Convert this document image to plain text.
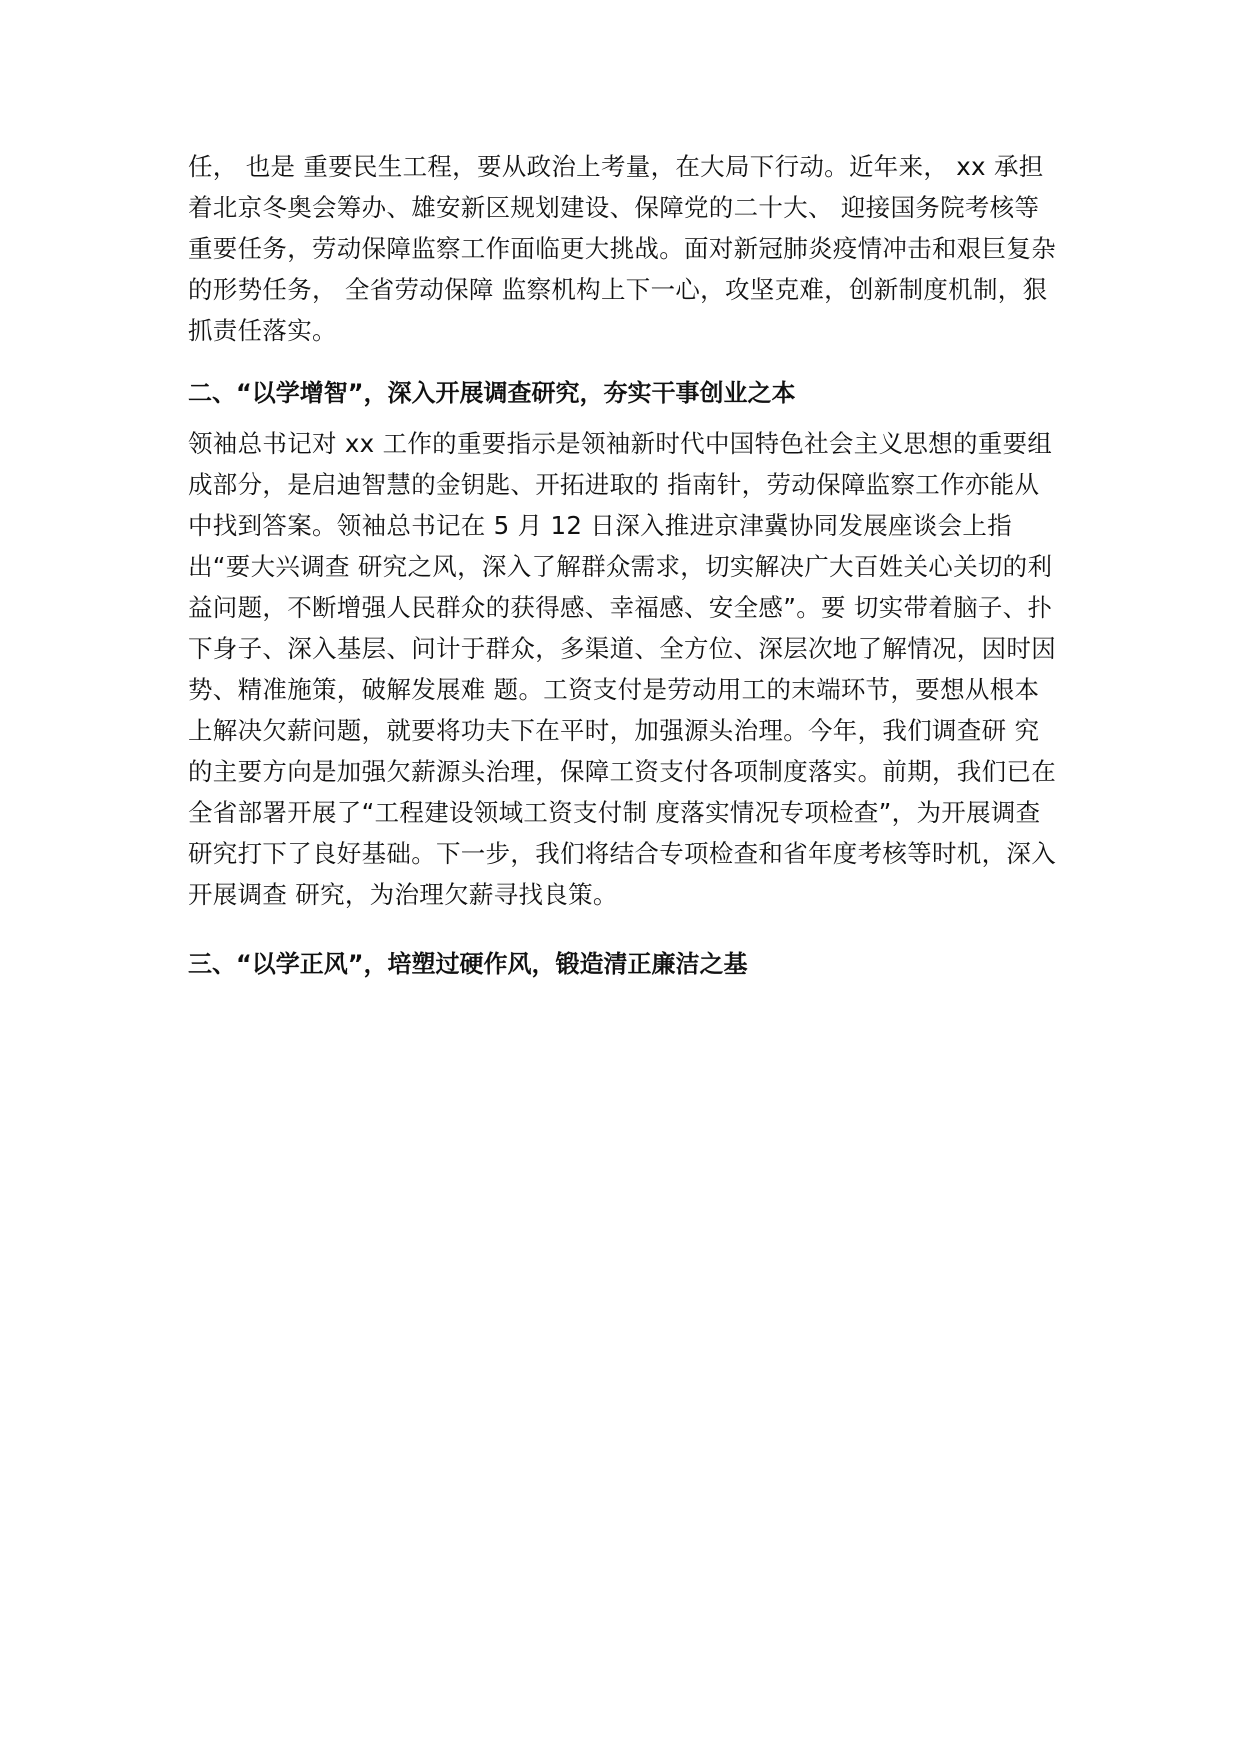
任， 也是 重要民生工程，要从政治上考量，在大局下行动。近年来， xx 承担着北京冬奥会筹办、雄安新区规划建设、保障党的二十大、 迎接国务院考核等重要任务，劳动保障监察工作面临更大挑战。面对新冠肺炎疫情冲击和艰巨复杂的形势任务， 全省劳动保障 监察机构上下一心，攻坚克难，创新制度机制，狠抓责任落实。

二、“以学增智”，深入开展调查研究，夯实干事创业之本

领袖总书记对 xx 工作的重要指示是领袖新时代中国特色社会主义思想的重要组成部分，是启迪智慧的金钥匙、开拓进取的 指南针，劳动保障监察工作亦能从中找到答案。领袖总书记在 5 月 12 日深入推进京津冀协同发展座谈会上指出“要大兴调查 研究之风，深入了解群众需求，切实解决广大百姓关心关切的利益问题，不断增强人民群众的获得感、幸福感、安全感”。要 切实带着脑子、扑下身子、深入基层、问计于群众，多渠道、全方位、深层次地了解情况，因时因势、精准施策，破解发展难 题。工资支付是劳动用工的末端环节，要想从根本上解决欠薪问题，就要将功夫下在平时，加强源头治理。今年，我们调查研 究的主要方向是加强欠薪源头治理，保障工资支付各项制度落实。前期，我们已在全省部署开展了“工程建设领域工资支付制 度落实情况专项检查”，为开展调查研究打下了良好基础。下一步，我们将结合专项检查和省年度考核等时机，深入开展调查 研究，为治理欠薪寻找良策。

三、“以学正风”，培塑过硬作风，锻造清正廉洁之基
